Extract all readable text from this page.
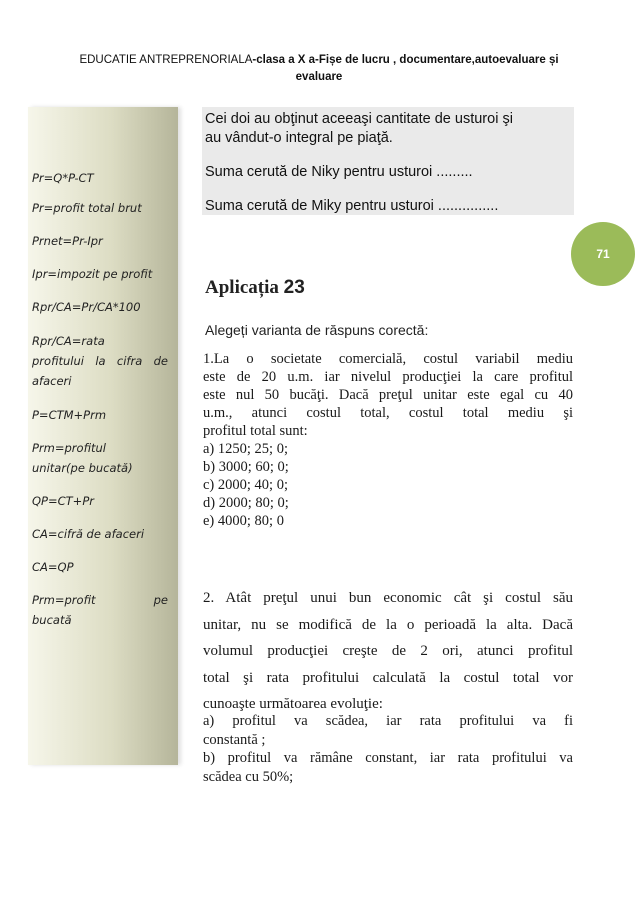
EDUCATIE ANTREPRENORIALA-clasa a X a-Fișe de lucru , documentare,autoevaluare și
evaluare
Pr=Q*P-CT
Pr=profit total brut
Prnet=Pr-Ipr
Ipr=impozit pe profit
Rpr/CA=Pr/CA*100
Rpr/CA=rata
profitului la cifra de
afaceri
P=CTM+Prm
Prm=profitul
unitar(pe bucată)
QP=CT+Pr
CA=cifră de afaceri
CA=QP
Prm=profit pe
bucată
Cei doi au obţinut aceeaşi cantitate de usturoi şi
au vândut-o integral pe piaţă.
Suma cerută de Niky pentru usturoi .........
Suma cerută de Miky pentru usturoi ...............
71
Aplicația 23
Alegeți varianta de răspuns corectă:
1.La o societate comercială, costul variabil mediu
este de 20 u.m. iar nivelul producţiei la care profitul
este nul 50 bucăţi. Dacă preţul unitar este egal cu 40
u.m., atunci costul total, costul total mediu şi
profitul total sunt:
a) 1250; 25; 0;
b) 3000; 60; 0;
c) 2000; 40; 0;
d) 2000; 80; 0;
e) 4000; 80; 0
2. Atât preţul unui bun economic cât şi costul său
unitar, nu se modifică de la o perioadă la alta. Dacă
volumul producţiei creşte de 2 ori, atunci profitul
total şi rata profitului calculată la costul total vor
cunoaşte următoarea evoluţie:
a) profitul va scădea, iar rata profitului va fi
constantă ;
b) profitul va rămâne constant, iar rata profitului va
scădea cu 50%;
